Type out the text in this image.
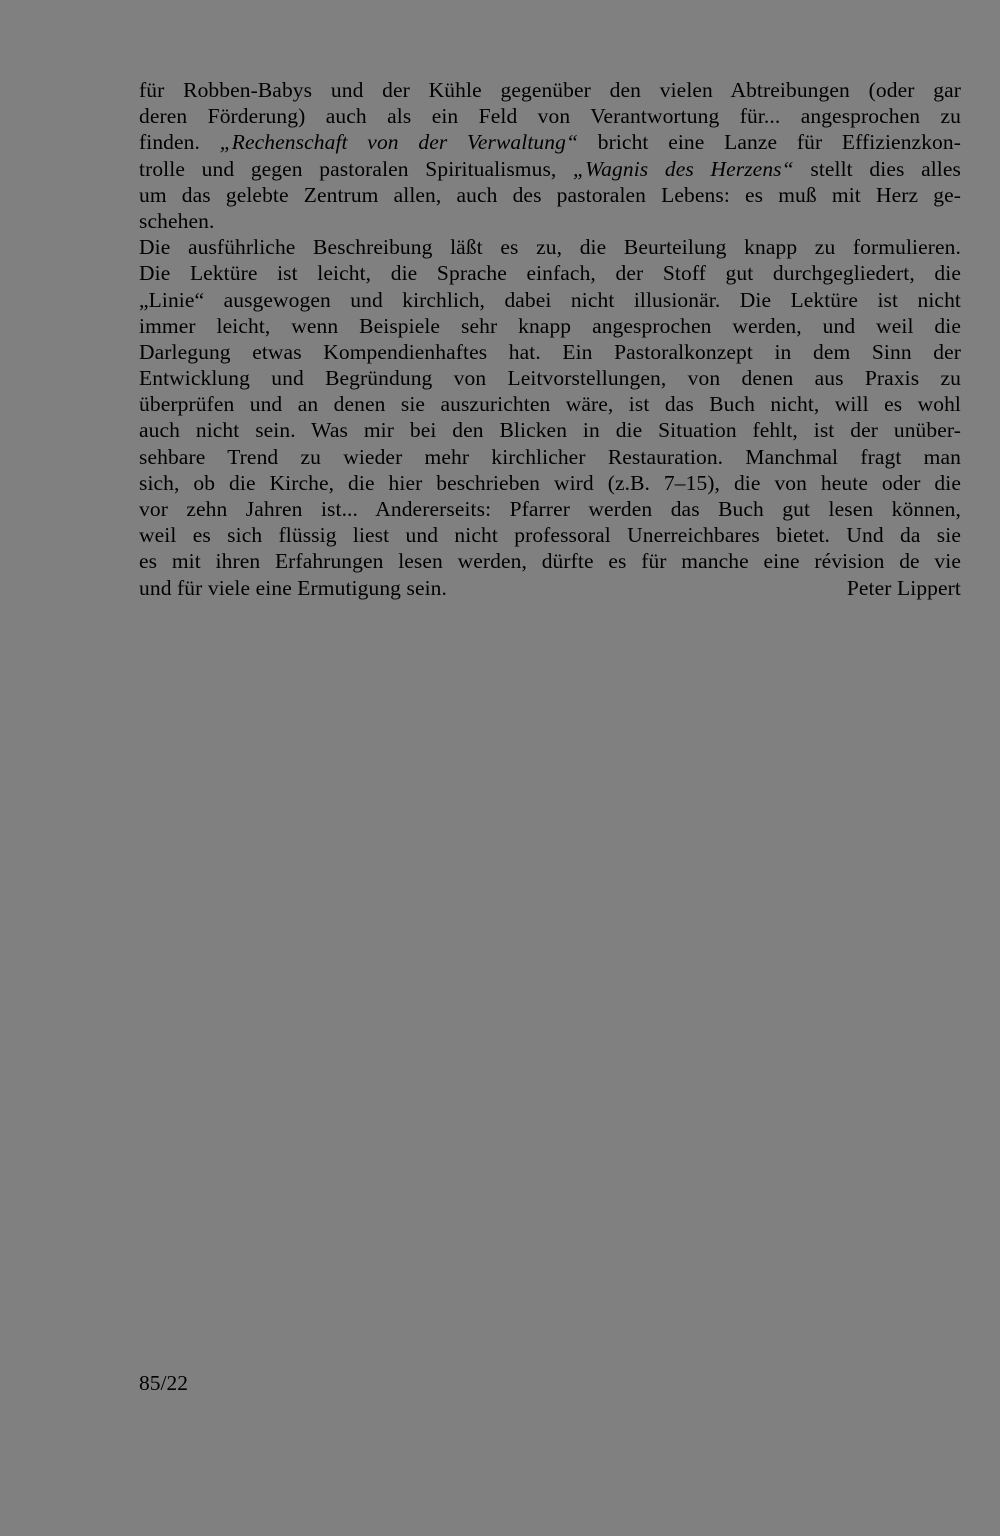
für Robben-Babys und der Kühle gegenüber den vielen Abtreibungen (oder gar
deren Förderung) auch als ein Feld von Verantwortung für... angesprochen zu
finden. „Rechenschaft von der Verwaltung“ bricht eine Lanze für Effizienzkon-
trolle und gegen pastoralen Spiritualismus, „Wagnis des Herzens“ stellt dies alles
um das gelebte Zentrum allen, auch des pastoralen Lebens: es muß mit Herz ge-
schehen.
Die ausführliche Beschreibung läßt es zu, die Beurteilung knapp zu formulieren.
Die Lektüre ist leicht, die Sprache einfach, der Stoff gut durchgegliedert, die
„Linie“ ausgewogen und kirchlich, dabei nicht illusionär. Die Lektüre ist nicht
immer leicht, wenn Beispiele sehr knapp angesprochen werden, und weil die
Darlegung etwas Kompendienhaftes hat. Ein Pastoralkonzept in dem Sinn der
Entwicklung und Begründung von Leitvorstellungen, von denen aus Praxis zu
überprüfen und an denen sie auszurichten wäre, ist das Buch nicht, will es wohl
auch nicht sein. Was mir bei den Blicken in die Situation fehlt, ist der unüber-
sehbare Trend zu wieder mehr kirchlicher Restauration. Manchmal fragt man
sich, ob die Kirche, die hier beschrieben wird (z.B. 7–15), die von heute oder die
vor zehn Jahren ist... Andererseits: Pfarrer werden das Buch gut lesen können,
weil es sich flüssig liest und nicht professoral Unerreichbares bietet. Und da sie
es mit ihren Erfahrungen lesen werden, dürfte es für manche eine révision de vie
und für viele eine Ermutigung sein.	Peter Lippert
85/22
